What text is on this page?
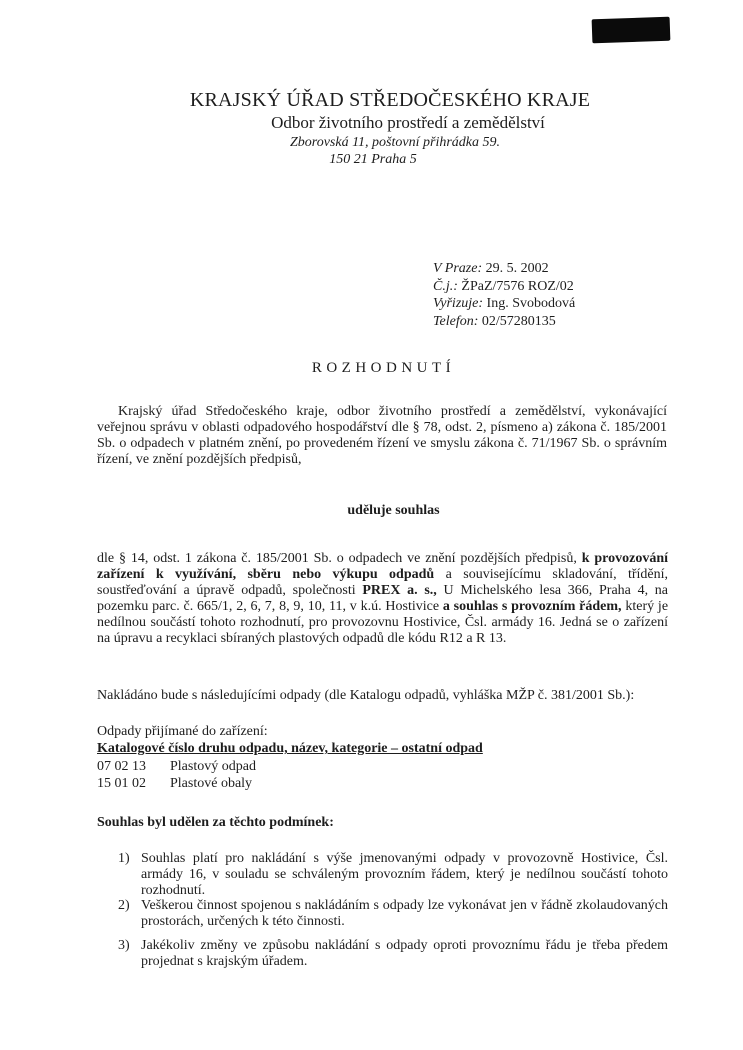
KRAJSKÝ ÚŘAD STŘEDOČESKÉHO KRAJE
Odbor životního prostředí a zemědělství
Zborovská 11, poštovní přihrádka 59.
150 21 Praha 5
V Praze: 29. 5. 2002
Č.j.: ŽPaZ/7576 ROZ/02
Vyřizuje: Ing. Svobodová
Telefon: 02/57280135
ROZHODNUTÍ
Krajský úřad Středočeského kraje, odbor životního prostředí a zemědělství, vykonávající veřejnou správu v oblasti odpadového hospodářství dle § 78, odst. 2, písmeno a) zákona č. 185/2001 Sb. o odpadech v platném znění, po provedeném řízení ve smyslu zákona č. 71/1967 Sb. o správním řízení, ve znění pozdějších předpisů,
uděluje souhlas
dle § 14, odst. 1 zákona č. 185/2001 Sb. o odpadech ve znění pozdějších předpisů, k provozování zařízení k využívání, sběru nebo výkupu odpadů a souvisejícímu skladování, třídění, soustřeďování a úpravě odpadů, společnosti PREX a. s., U Michelského lesa 366, Praha 4, na pozemku parc. č. 665/1, 2, 6, 7, 8, 9, 10, 11, v k.ú. Hostivice a souhlas s provozním řádem, který je nedílnou součástí tohoto rozhodnutí, pro provozovnu Hostivice, Čsl. armády 16. Jedná se o zařízení na úpravu a recyklaci sbíraných plastových odpadů dle kódu R12 a R 13.
Nakládáno bude s následujícími odpady (dle Katalogu odpadů, vyhláška MŽP č. 381/2001 Sb.):
Odpady přijímané do zařízení:
Katalogové číslo druhu odpadu, název, kategorie – ostatní odpad
07 02 13 Plastový odpad
15 01 02 Plastové obaly
Souhlas byl udělen za těchto podmínek:
1) Souhlas platí pro nakládání s výše jmenovanými odpady v provozovně Hostivice, Čsl. armády 16, v souladu se schváleným provozním řádem, který je nedílnou součástí tohoto rozhodnutí.
2) Veškerou činnost spojenou s nakládáním s odpady lze vykonávat jen v řádně zkolaudovaných prostorách, určených k této činnosti.
3) Jakékoliv změny ve způsobu nakládání s odpady oproti provoznímu řádu je třeba předem projednat s krajským úřadem.
